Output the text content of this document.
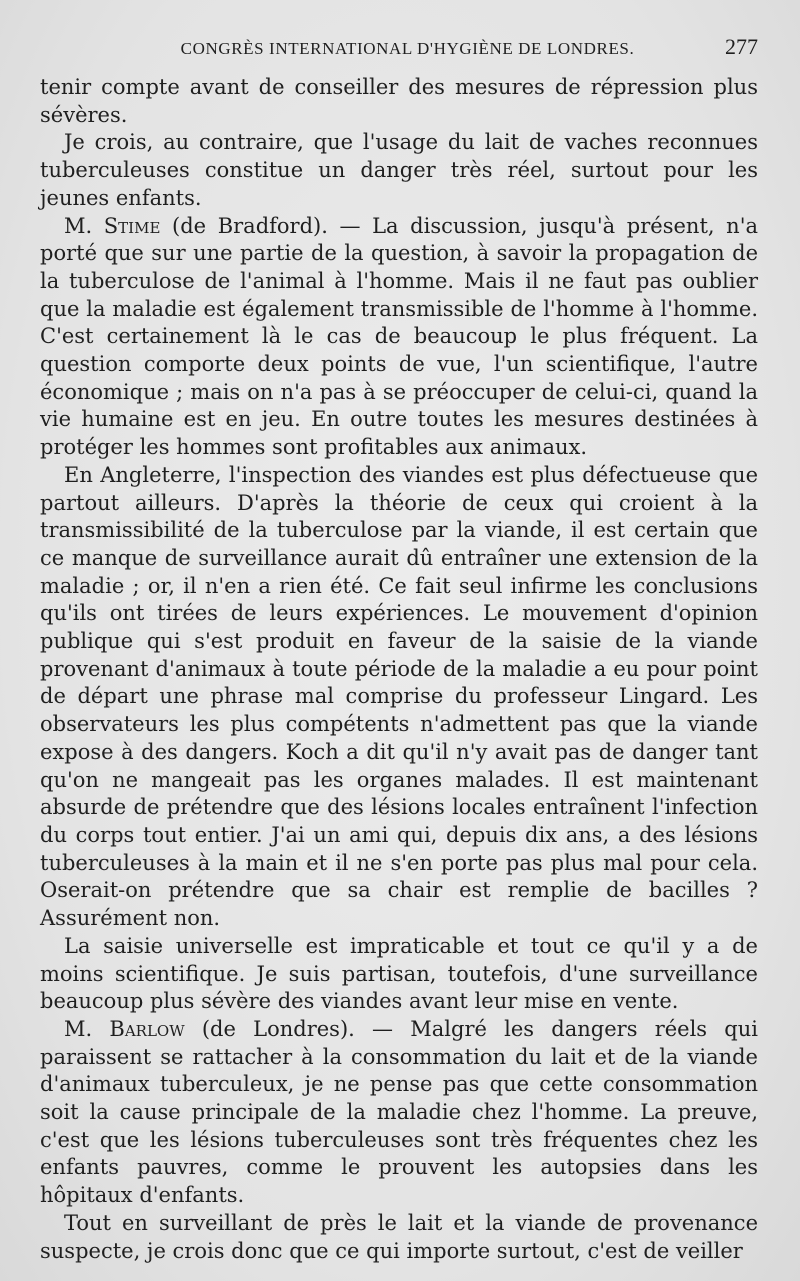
CONGRÈS INTERNATIONAL D'HYGIÈNE DE LONDRES.	277

tenir compte avant de conseiller des mesures de répression plus sévères.

Je crois, au contraire, que l'usage du lait de vaches reconnues tuberculeuses constitue un danger très réel, surtout pour les jeunes enfants.

M. Stime (de Bradford). — La discussion, jusqu'à présent, n'a porté que sur une partie de la question, à savoir la propagation de la tuberculose de l'animal à l'homme. Mais il ne faut pas oublier que la maladie est également transmissible de l'homme à l'homme. C'est certainement là le cas de beaucoup le plus fréquent. La question comporte deux points de vue, l'un scientifique, l'autre économique ; mais on n'a pas à se préoccuper de celui-ci, quand la vie humaine est en jeu. En outre toutes les mesures destinées à protéger les hommes sont profitables aux animaux.

En Angleterre, l'inspection des viandes est plus défectueuse que partout ailleurs. D'après la théorie de ceux qui croient à la transmissibilité de la tuberculose par la viande, il est certain que ce manque de surveillance aurait dû entraîner une extension de la maladie ; or, il n'en a rien été. Ce fait seul infirme les conclusions qu'ils ont tirées de leurs expériences. Le mouvement d'opinion publique qui s'est produit en faveur de la saisie de la viande provenant d'animaux à toute période de la maladie a eu pour point de départ une phrase mal comprise du professeur Lingard. Les observateurs les plus compétents n'admettent pas que la viande expose à des dangers. Koch a dit qu'il n'y avait pas de danger tant qu'on ne mangeait pas les organes malades. Il est maintenant absurde de prétendre que des lésions locales entraînent l'infection du corps tout entier. J'ai un ami qui, depuis dix ans, a des lésions tuberculeuses à la main et il ne s'en porte pas plus mal pour cela. Oserait-on prétendre que sa chair est remplie de bacilles ? Assurément non.

La saisie universelle est impraticable et tout ce qu'il y a de moins scientifique. Je suis partisan, toutefois, d'une surveillance beaucoup plus sévère des viandes avant leur mise en vente.

M. Barlow (de Londres). — Malgré les dangers réels qui paraissent se rattacher à la consommation du lait et de la viande d'animaux tuberculeux, je ne pense pas que cette consommation soit la cause principale de la maladie chez l'homme. La preuve, c'est que les lésions tuberculeuses sont très fréquentes chez les enfants pauvres, comme le prouvent les autopsies dans les hôpitaux d'enfants.

Tout en surveillant de près le lait et la viande de provenance suspecte, je crois donc que ce qui importe surtout, c'est de veiller
